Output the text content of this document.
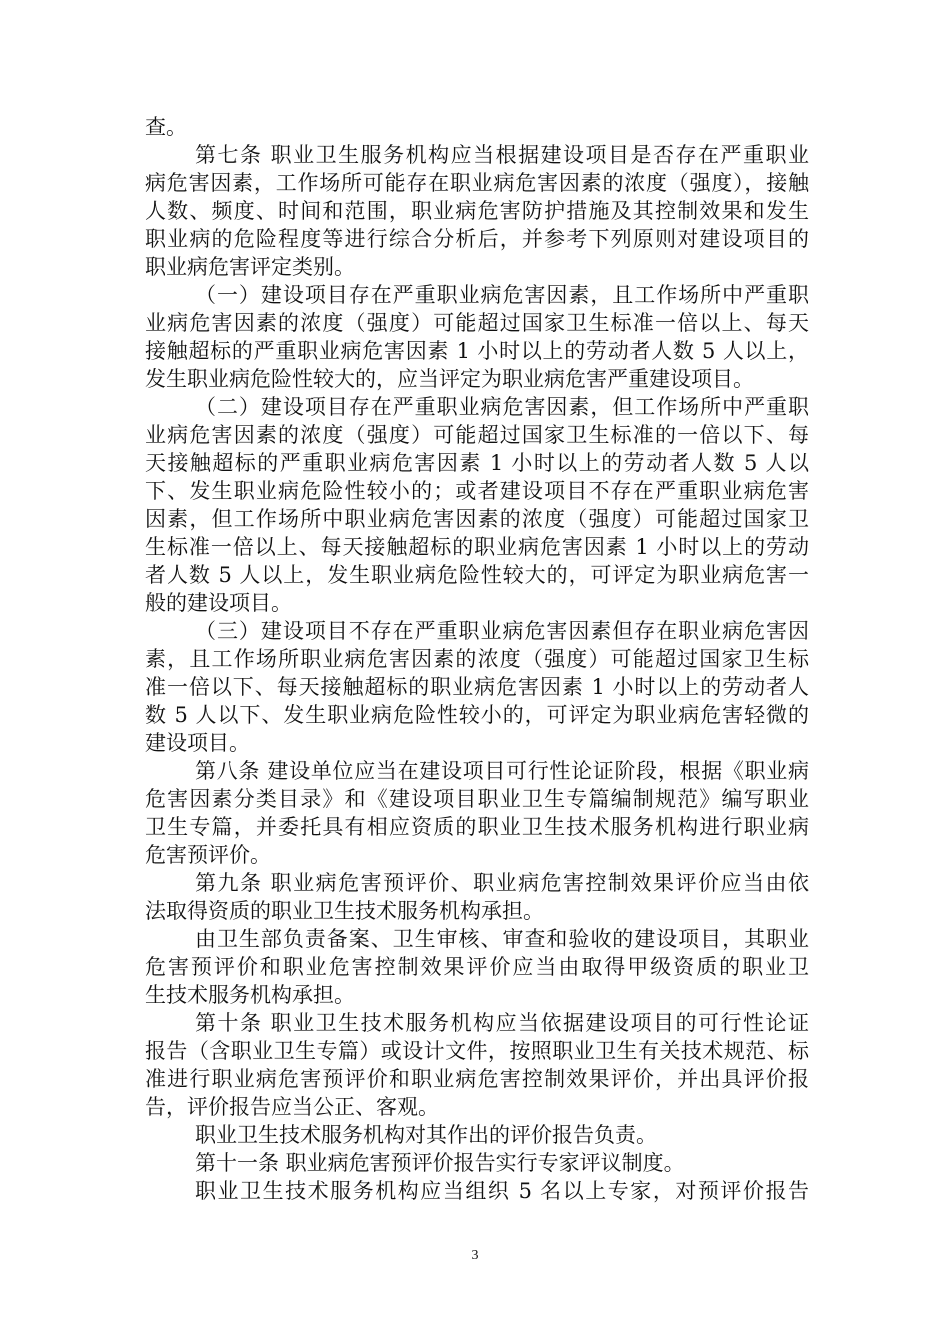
查。
第七条 职业卫生服务机构应当根据建设项目是否存在严重职业
病危害因素，工作场所可能存在职业病危害因素的浓度（强度），接触
人数、频度、时间和范围，职业病危害防护措施及其控制效果和发生
职业病的危险程度等进行综合分析后，并参考下列原则对建设项目的
职业病危害评定类别。
（一）建设项目存在严重职业病危害因素，且工作场所中严重职
业病危害因素的浓度（强度）可能超过国家卫生标准一倍以上、每天
接触超标的严重职业病危害因素 1 小时以上的劳动者人数 5 人以上，
发生职业病危险性较大的，应当评定为职业病危害严重建设项目。
（二）建设项目存在严重职业病危害因素，但工作场所中严重职
业病危害因素的浓度（强度）可能超过国家卫生标准的一倍以下、每
天接触超标的严重职业病危害因素 1 小时以上的劳动者人数 5 人以
下、发生职业病危险性较小的；或者建设项目不存在严重职业病危害
因素，但工作场所中职业病危害因素的浓度（强度）可能超过国家卫
生标准一倍以上、每天接触超标的职业病危害因素 1 小时以上的劳动
者人数 5 人以上，发生职业病危险性较大的，可评定为职业病危害一
般的建设项目。
（三）建设项目不存在严重职业病危害因素但存在职业病危害因
素，且工作场所职业病危害因素的浓度（强度）可能超过国家卫生标
准一倍以下、每天接触超标的职业病危害因素 1 小时以上的劳动者人
数 5 人以下、发生职业病危险性较小的，可评定为职业病危害轻微的
建设项目。
第八条 建设单位应当在建设项目可行性论证阶段，根据《职业病
危害因素分类目录》和《建设项目职业卫生专篇编制规范》编写职业
卫生专篇，并委托具有相应资质的职业卫生技术服务机构进行职业病
危害预评价。
第九条 职业病危害预评价、职业病危害控制效果评价应当由依
法取得资质的职业卫生技术服务机构承担。
由卫生部负责备案、卫生审核、审查和验收的建设项目，其职业
危害预评价和职业危害控制效果评价应当由取得甲级资质的职业卫
生技术服务机构承担。
第十条 职业卫生技术服务机构应当依据建设项目的可行性论证
报告（含职业卫生专篇）或设计文件，按照职业卫生有关技术规范、标
准进行职业病危害预评价和职业病危害控制效果评价，并出具评价报
告，评价报告应当公正、客观。
职业卫生技术服务机构对其作出的评价报告负责。
第十一条 职业病危害预评价报告实行专家评议制度。
职业卫生技术服务机构应当组织 5 名以上专家，对预评价报告
3
